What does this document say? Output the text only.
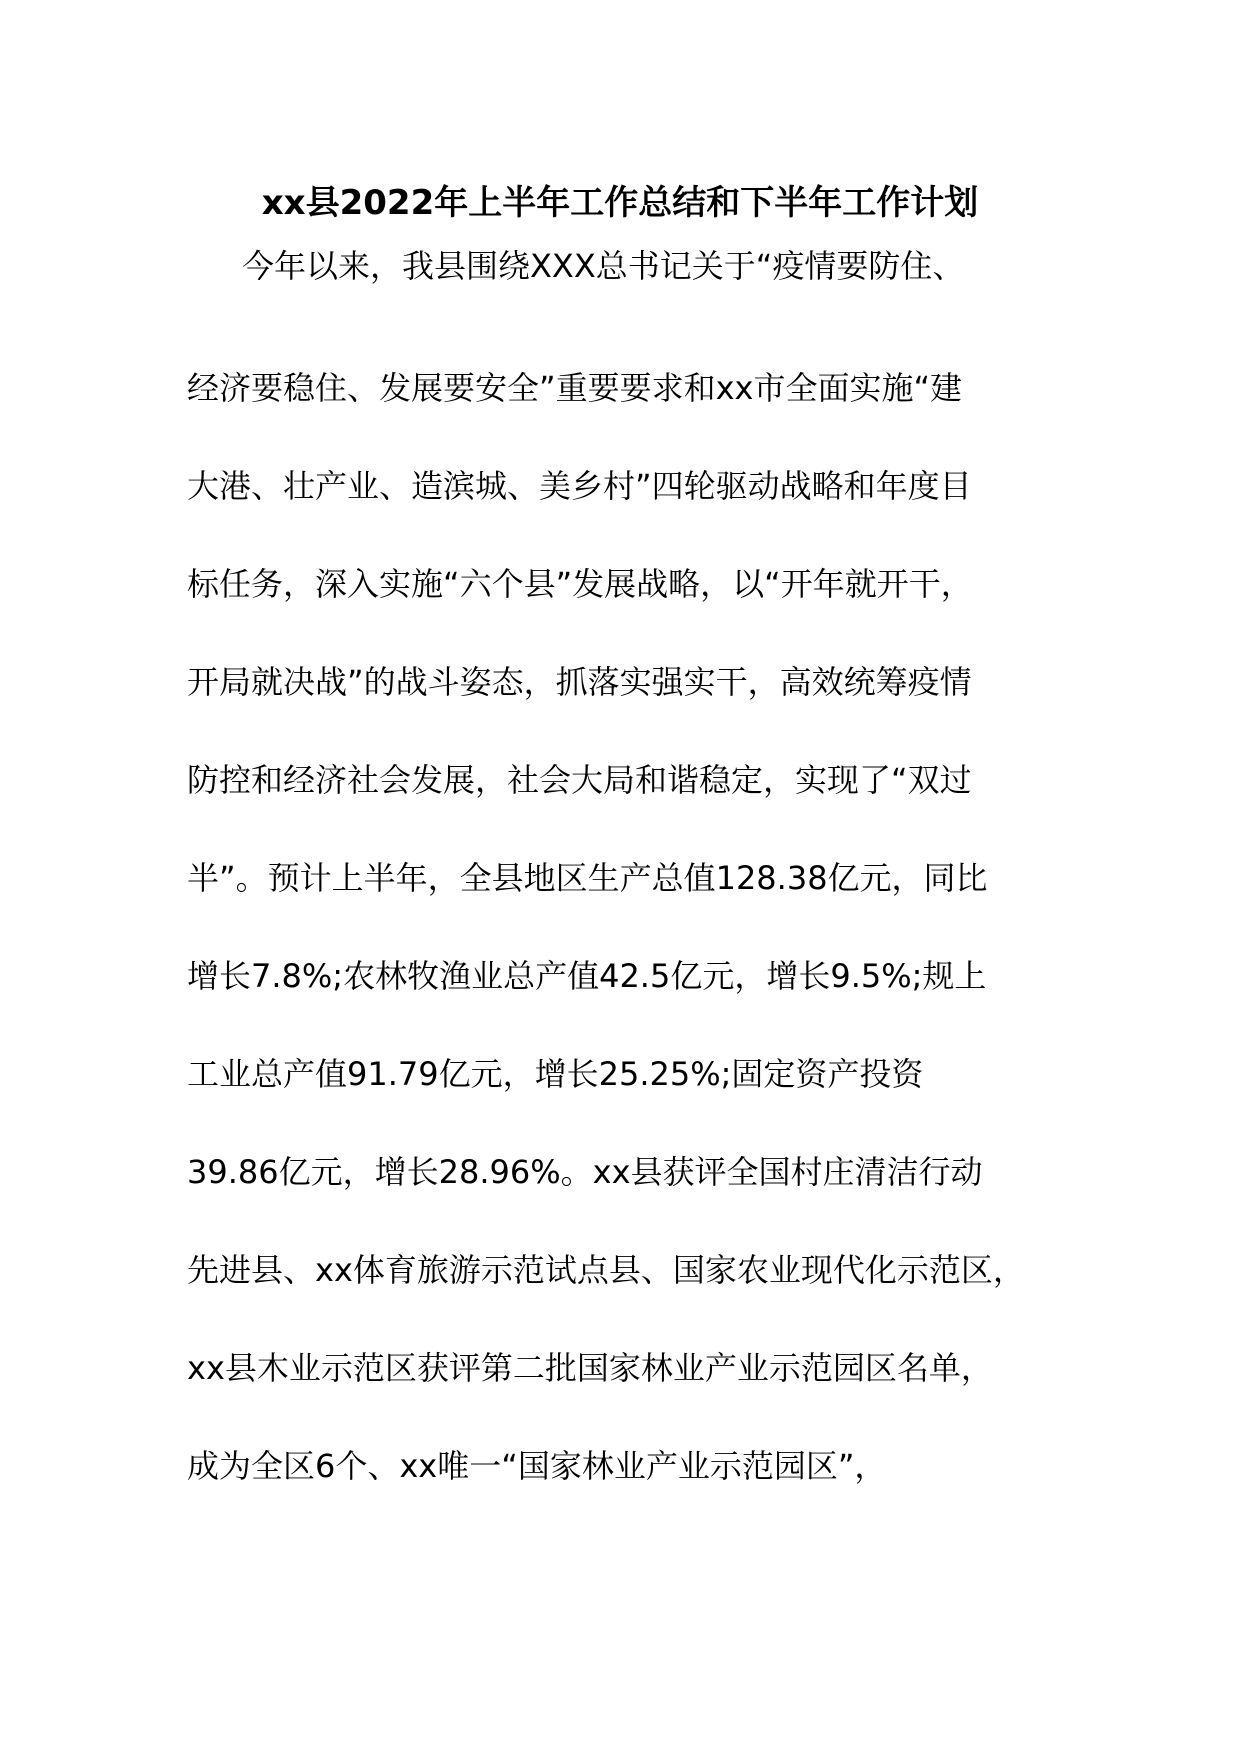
xx县2022年上半年工作总结和下半年工作计划
今年以来，我县围绕XXX总书记关于“疫情要防住、
经济要稳住、发展要安全”重要要求和xx市全面实施“建
大港、壮产业、造滨城、美乡村”四轮驱动战略和年度目
标任务，深入实施“六个县”发展战略，以“开年就开干，
开局就决战”的战斗姿态，抓落实强实干，高效统筹疫情
防控和经济社会发展，社会大局和谐稳定，实现了“双过
半”。预计上半年，全县地区生产总值128.38亿元，同比
增长7.8%;农林牧渔业总产值42.5亿元，增长9.5%;规上
工业总产值91.79亿元，增长25.25%;固定资产投资
39.86亿元，增长28.96%。xx县获评全国村庄清洁行动
先进县、xx体育旅游示范试点县、国家农业现代化示范区，
xx县木业示范区获评第二批国家林业产业示范园区名单，
成为全区6个、xx唯一“国家林业产业示范园区”，
